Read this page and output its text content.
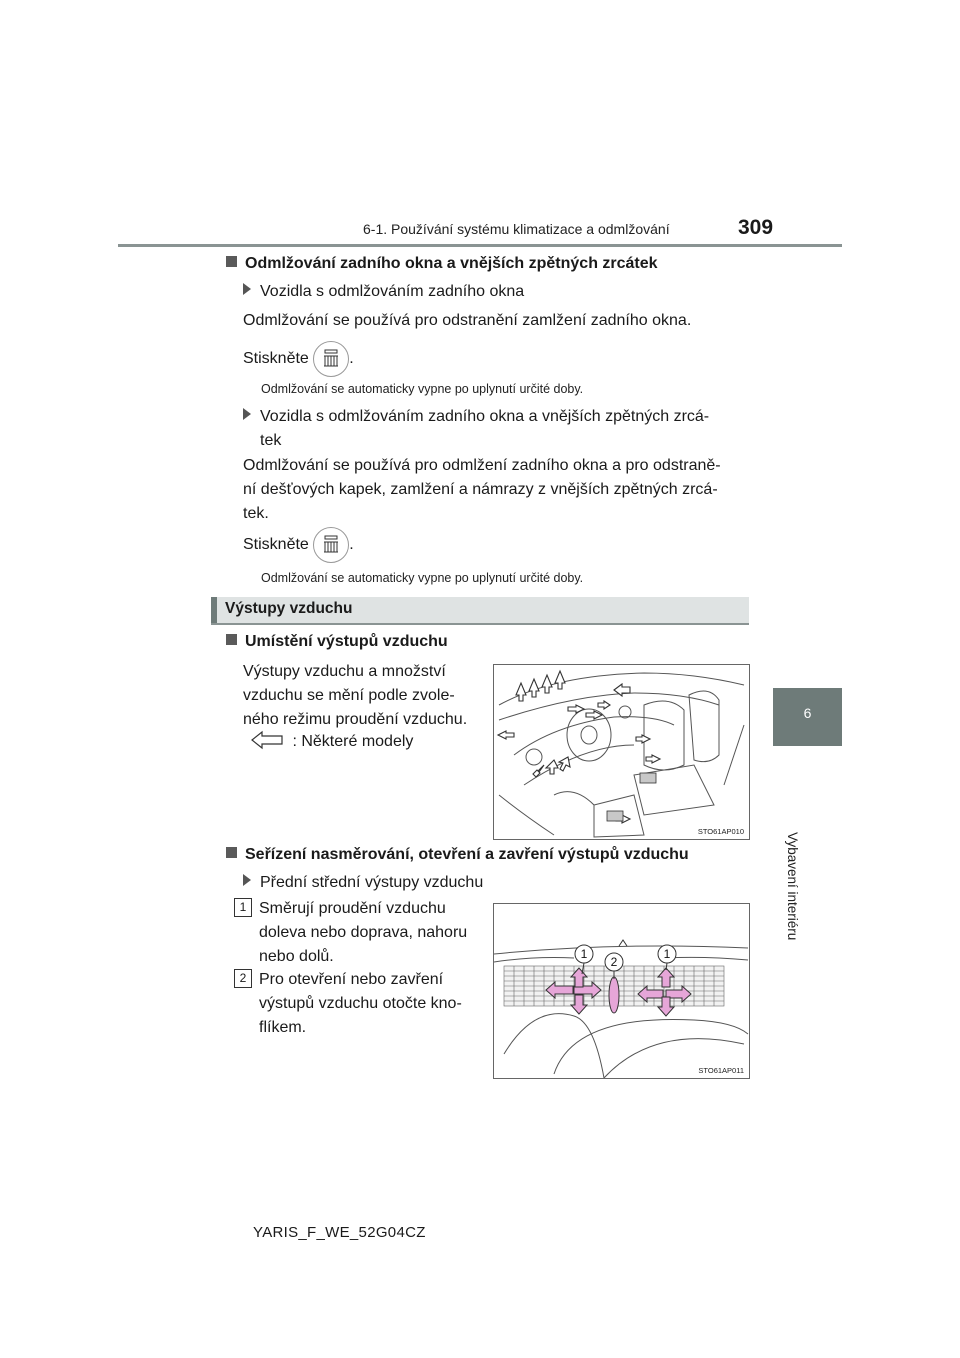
6-1. Používání systému klimatizace a odmlžování	309
6
Vybavení interiéru
Odmlžování zadního okna a vnějších zpětných zrcátek
Vozidla s odmlžováním zadního okna
Odmlžování se používá pro odstranění zamlžení zadního okna.
Stiskněte	.
Odmlžování se automaticky vypne po uplynutí určité doby.
Vozidla s odmlžováním zadního okna a vnějších zpětných zrcá-
tek
Odmlžování se používá pro odmlžení zadního okna a pro odstraně-
ní dešťových kapek, zamlžení a námrazy z vnějších zpětných zrcá-
tek.
Stiskněte	.
Odmlžování se automaticky vypne po uplynutí určité doby.
Výstupy vzduchu
Umístění výstupů vzduchu
Výstupy vzduchu a množství
vzduchu se mění podle zvole-
ného režimu proudění vzduchu.
: Některé modely
STO61AP010
Seřízení nasměrování, otevření a zavření výstupů vzduchu
Přední střední výstupy vzduchu
1 Směrují proudění vzduchu
doleva nebo doprava, nahoru
nebo dolů.
2 Pro otevření nebo zavření
výstupů vzduchu otočte kno-
flíkem.
1
2
1
STO61AP011
YARIS_F_WE_52G04CZ
